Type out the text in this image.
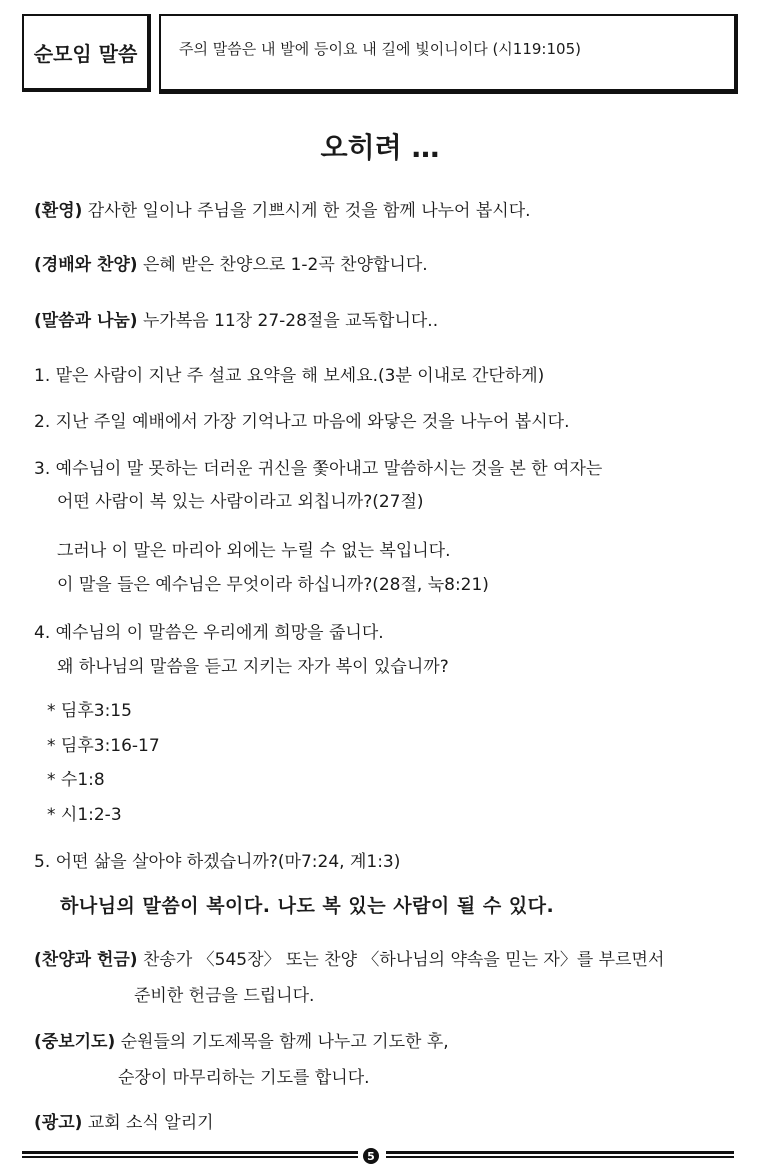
순모임 말씀	주의 말씀은 내 발에 등이요 내 길에 빛이니이다 (시119:105)
오히려 …
(환영) 감사한 일이나 주님을 기쁘시게 한 것을 함께 나누어 봅시다.
(경배와 찬양) 은혜 받은 찬양으로 1-2곡 찬양합니다.
(말씀과 나눔) 누가복음 11장 27-28절을 교독합니다..
1. 맡은 사람이 지난 주 설교 요약을 해 보세요.(3분 이내로 간단하게)
2. 지난 주일 예배에서 가장 기억나고 마음에 와닿은 것을 나누어 봅시다.
3. 예수님이 말 못하는 더러운 귀신을 쫓아내고 말씀하시는 것을 본 한 여자는
어떤 사람이 복 있는 사람이라고 외칩니까?(27절)
그러나 이 말은 마리아 외에는 누릴 수 없는 복입니다.
이 말을 들은 예수님은 무엇이라 하십니까?(28절, 눅8:21)
4. 예수님의 이 말씀은 우리에게 희망을 줍니다.
왜 하나님의 말씀을 듣고 지키는 자가 복이 있습니까?
* 딤후3:15
* 딤후3:16-17
* 수1:8
* 시1:2-3
5. 어떤 삶을 살아야 하겠습니까?(마7:24, 계1:3)
하나님의 말씀이 복이다. 나도 복 있는 사람이 될 수 있다.
(찬양과 헌금) 찬송가 〈545장〉 또는 찬양 〈하나님의 약속을 믿는 자〉를 부르면서
준비한 헌금을 드립니다.
(중보기도) 순원들의 기도제목을 함께 나누고 기도한 후,
순장이 마무리하는 기도를 합니다.
(광고) 교회 소식 알리기
5
